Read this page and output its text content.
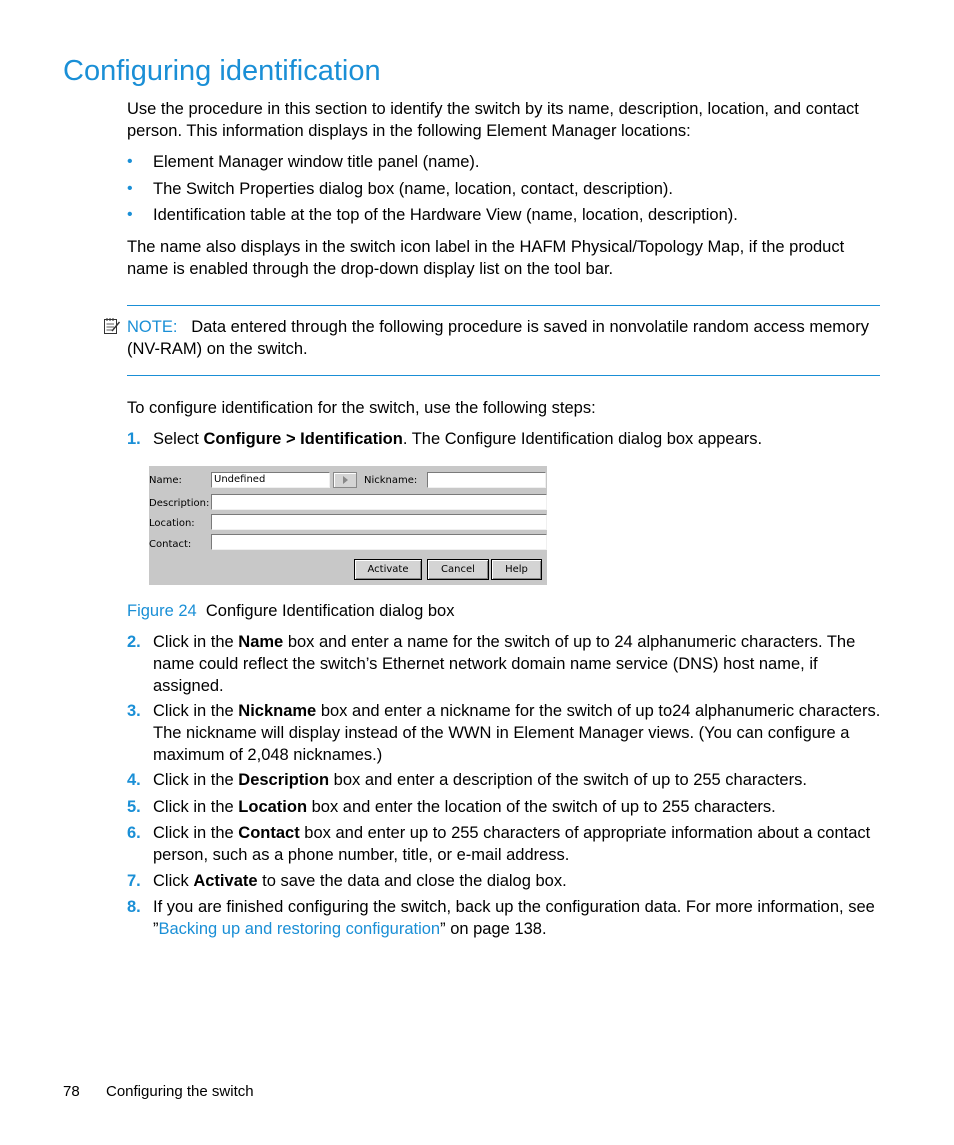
Configuring identification
Use the procedure in this section to identify the switch by its name, description, location, and contact person. This information displays in the following Element Manager locations:
• Element Manager window title panel (name).
• The Switch Properties dialog box (name, location, contact, description).
• Identification table at the top of the Hardware View (name, location, description).
The name also displays in the switch icon label in the HAFM Physical/Topology Map, if the product name is enabled through the drop-down display list on the tool bar.
NOTE: Data entered through the following procedure is saved in nonvolatile random access memory (NV-RAM) on the switch.
To configure identification for the switch, use the following steps:
1. Select Configure > Identification. The Configure Identification dialog box appears.
Name:	Undefined	Nickname:
Description:
Location:
Contact:
Activate	Cancel	Help
Figure 24 Configure Identification dialog box
2. Click in the Name box and enter a name for the switch of up to 24 alphanumeric characters. The name could reflect the switch’s Ethernet network domain name service (DNS) host name, if assigned.
3. Click in the Nickname box and enter a nickname for the switch of up to24 alphanumeric characters. The nickname will display instead of the WWN in Element Manager views. (You can configure a maximum of 2,048 nicknames.)
4. Click in the Description box and enter a description of the switch of up to 255 characters.
5. Click in the Location box and enter the location of the switch of up to 255 characters.
6. Click in the Contact box and enter up to 255 characters of appropriate information about a contact person, such as a phone number, title, or e-mail address.
7. Click Activate to save the data and close the dialog box.
8. If you are finished configuring the switch, back up the configuration data. For more information, see ”Backing up and restoring configuration” on page 138.
78 Configuring the switch
